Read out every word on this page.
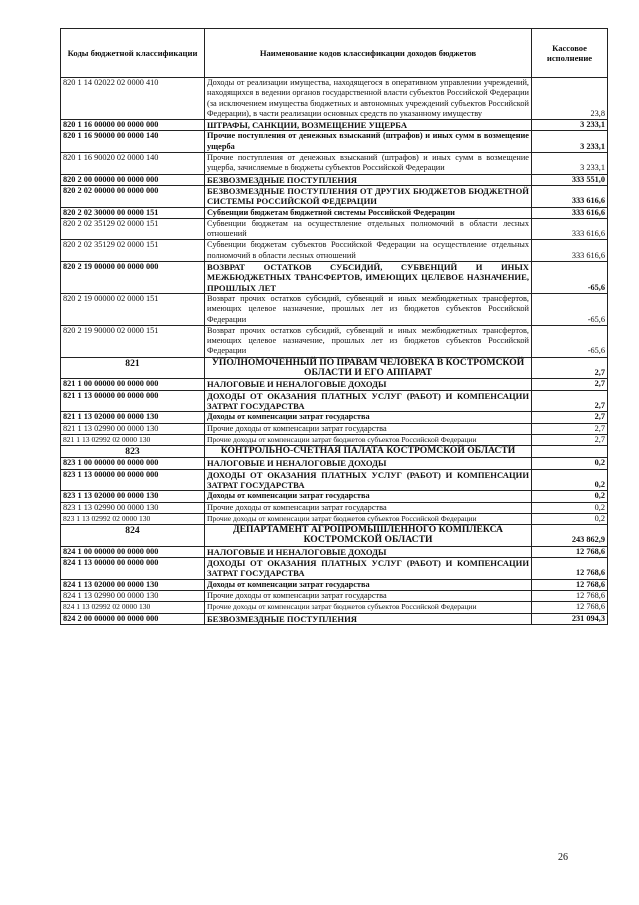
Коды бюджетной классификации	Наименование кодов классификации доходов бюджетов	Кассовое исполнение
820 1 14 02022 02 0000 410	Доходы от реализации имущества, находящегося в оперативном управлении учреждений, находящихся в ведении органов государственной власти субъектов Российской Федерации (за исключением имущества бюджетных и автономных учреждений субъектов Российской Федерации), в части реализации основных средств по указанному имуществу	23,8
820 1 16 00000 00 0000 000	ШТРАФЫ, САНКЦИИ, ВОЗМЕЩЕНИЕ УЩЕРБА	3 233,1
820 1 16 90000 00 0000 140	Прочие поступления от денежных взысканий (штрафов) и иных сумм в возмещение ущерба	3 233,1
820 1 16 90020 02 0000 140	Прочие поступления от денежных взысканий (штрафов) и иных сумм в возмещение ущерба, зачисляемые в бюджеты субъектов Российской Федерации	3 233,1
820 2 00 00000 00 0000 000	БЕЗВОЗМЕЗДНЫЕ ПОСТУПЛЕНИЯ	333 551,0
820 2 02 00000 00 0000 000	БЕЗВОЗМЕЗДНЫЕ ПОСТУПЛЕНИЯ ОТ ДРУГИХ БЮДЖЕТОВ БЮДЖЕТНОЙ СИСТЕМЫ РОССИЙСКОЙ ФЕДЕРАЦИИ	333 616,6
820 2 02 30000 00 0000 151	Субвенции бюджетам бюджетной системы Российской Федерации	333 616,6
820 2 02 35129 02 0000 151	Субвенции бюджетам на осуществление отдельных полномочий в области лесных отношений	333 616,6
820 2 02 35129 02 0000 151	Субвенции бюджетам субъектов Российской Федерации на осуществление отдельных полномочий в области лесных отношений	333 616,6
820 2 19 00000 00 0000 000	ВОЗВРАТ ОСТАТКОВ СУБСИДИЙ, СУБВЕНЦИЙ И ИНЫХ МЕЖБЮДЖЕТНЫХ ТРАНСФЕРТОВ, ИМЕЮЩИХ ЦЕЛЕВОЕ НАЗНАЧЕНИЕ, ПРОШЛЫХ ЛЕТ	-65,6
820 2 19 00000 02 0000 151	Возврат прочих остатков субсидий, субвенций и иных межбюджетных трансфертов, имеющих целевое назначение, прошлых лет из бюджетов субъектов Российской Федерации	-65,6
820 2 19 90000 02 0000 151	Возврат прочих остатков субсидий, субвенций и иных межбюджетных трансфертов, имеющих целевое назначение, прошлых лет из бюджетов субъектов Российской Федерации	-65,6
821	УПОЛНОМОЧЕННЫЙ ПО ПРАВАМ ЧЕЛОВЕКА В КОСТРОМСКОЙ ОБЛАСТИ И ЕГО АППАРАТ	2,7
821 1 00 00000 00 0000 000	НАЛОГОВЫЕ И НЕНАЛОГОВЫЕ ДОХОДЫ	2,7
821 1 13 00000 00 0000 000	ДОХОДЫ ОТ ОКАЗАНИЯ ПЛАТНЫХ УСЛУГ (РАБОТ) И КОМПЕНСАЦИИ ЗАТРАТ ГОСУДАРСТВА	2,7
821 1 13 02000 00 0000 130	Доходы от компенсации затрат государства	2,7
821 1 13 02990 00 0000 130	Прочие доходы от компенсации затрат государства	2,7
821 1 13 02992 02 0000 130	Прочие доходы от компенсации затрат бюджетов субъектов Российской Федерации	2,7
823	КОНТРОЛЬНО-СЧЕТНАЯ ПАЛАТА КОСТРОМСКОЙ ОБЛАСТИ	
823 1 00 00000 00 0000 000	НАЛОГОВЫЕ И НЕНАЛОГОВЫЕ ДОХОДЫ	0,2
823 1 13 00000 00 0000 000	ДОХОДЫ ОТ ОКАЗАНИЯ ПЛАТНЫХ УСЛУГ (РАБОТ) И КОМПЕНСАЦИИ ЗАТРАТ ГОСУДАРСТВА	0,2
823 1 13 02000 00 0000 130	Доходы от компенсации затрат государства	0,2
823 1 13 02990 00 0000 130	Прочие доходы от компенсации затрат государства	0,2
823 1 13 02992 02 0000 130	Прочие доходы от компенсации затрат бюджетов субъектов Российской Федерации	0,2
824	ДЕПАРТАМЕНТ АГРОПРОМЫШЛЕННОГО КОМПЛЕКСА КОСТРОМСКОЙ ОБЛАСТИ	243 862,9
824 1 00 00000 00 0000 000	НАЛОГОВЫЕ И НЕНАЛОГОВЫЕ ДОХОДЫ	12 768,6
824 1 13 00000 00 0000 000	ДОХОДЫ ОТ ОКАЗАНИЯ ПЛАТНЫХ УСЛУГ (РАБОТ) И КОМПЕНСАЦИИ ЗАТРАТ ГОСУДАРСТВА	12 768,6
824 1 13 02000 00 0000 130	Доходы от компенсации затрат государства	12 768,6
824 1 13 02990 00 0000 130	Прочие доходы от компенсации затрат государства	12 768,6
824 1 13 02992 02 0000 130	Прочие доходы от компенсации затрат бюджетов субъектов Российской Федерации	12 768,6
824 2 00 00000 00 0000 000	БЕЗВОЗМЕЗДНЫЕ ПОСТУПЛЕНИЯ	231 094,3
26
